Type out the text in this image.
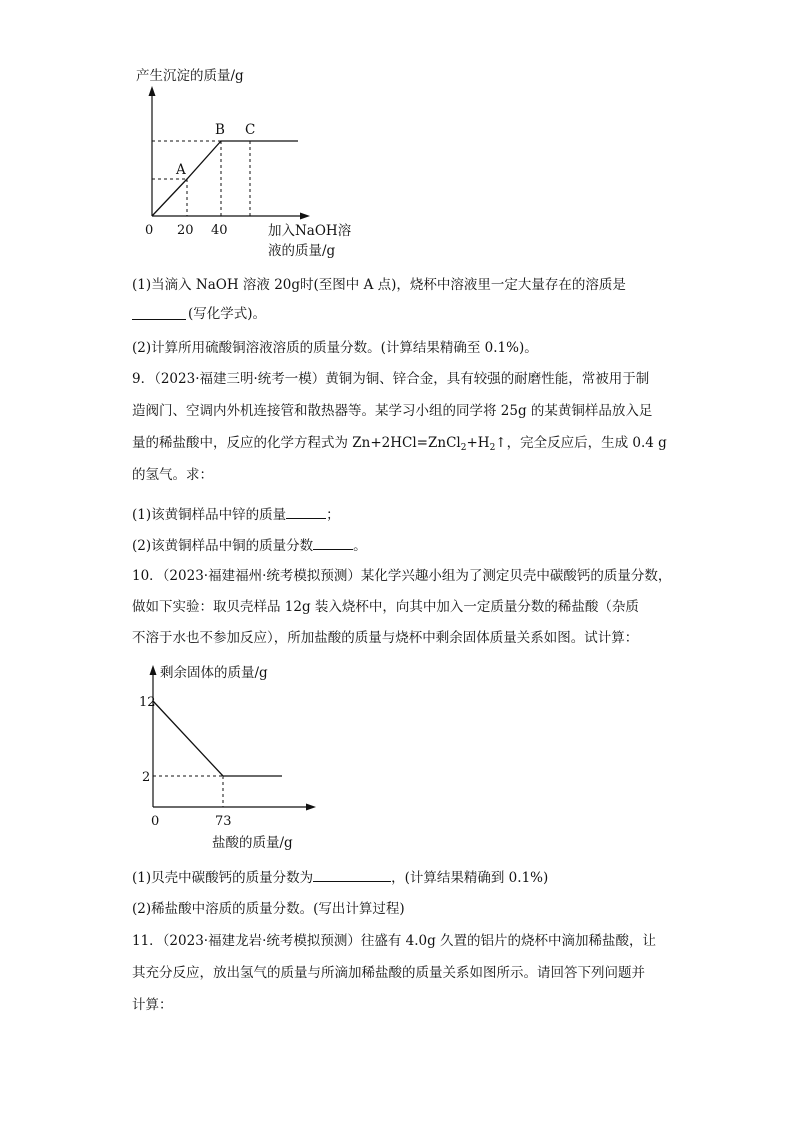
产生沉淀的质量/g
A
B C
0 20 40	加入NaOH溶
液的质量/g
(1)当滴入 NaOH 溶液 20g时(至图中 A 点)，烧杯中溶液里一定大量存在的溶质是
(写化学式)。
(2)计算所用硫酸铜溶液溶质的质量分数。(计算结果精确至 0.1%)。
9．（2023·福建三明·统考一模）黄铜为铜、锌合金，具有较强的耐磨性能，常被用于制
造阀门、空调内外机连接管和散热器等。某学习小组的同学将 25g 的某黄铜样品放入足
量的稀盐酸中，反应的化学方程式为 $Zn+2HCl=ZnCl_2+H_2↑$，完全反应后，生成 0.4 g
的氢气。求：
(1)该黄铜样品中锌的质量	；
(2)该黄铜样品中铜的质量分数	。
10．（2023·福建福州·统考模拟预测）某化学兴趣小组为了测定贝壳中碳酸钙的质量分数，
做如下实验：取贝壳样品 12g 装入烧杯中，向其中加入一定质量分数的稀盐酸（杂质
不溶于水也不参加反应），所加盐酸的质量与烧杯中剩余固体质量关系如图。试计算：
剩余固体的质量/g
12
2
0	73
盐酸的质量/g
(1)贝壳中碳酸钙的质量分数为	，(计算结果精确到 0.1%)
(2)稀盐酸中溶质的质量分数。(写出计算过程)
11．（2023·福建龙岩·统考模拟预测）往盛有 4.0g 久置的铝片的烧杯中滴加稀盐酸，让
其充分反应，放出氢气的质量与所滴加稀盐酸的质量关系如图所示。请回答下列问题并
计算：
